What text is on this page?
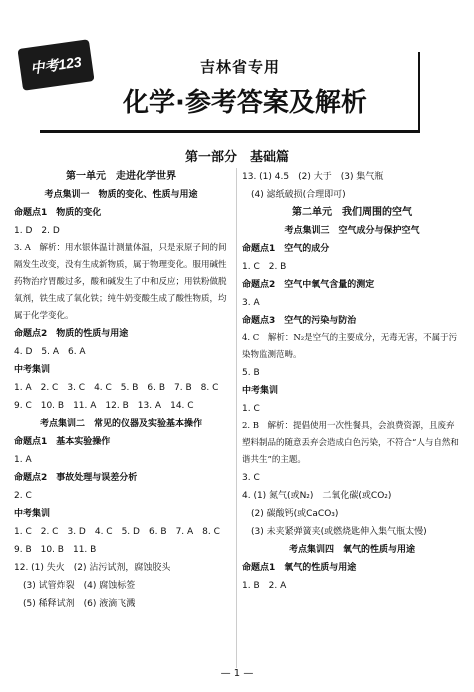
中考123	吉林省专用
化学·参考答案及解析
第一部分　基础篇
第一单元　走进化学世界
考点集训一　物质的变化、性质与用途
命题点1　物质的变化
1. D　2. D
3. A　解析：用水银体温计测量体温，只是汞原子间的间隔发生改变，没有生成新物质，属于物理变化。服用碱性药物治疗胃酸过多，酸和碱发生了中和反应；用铁粉做脱氧剂，铁生成了氧化铁；纯牛奶变酸生成了酸性物质，均属于化学变化。
命题点2　物质的性质与用途
4. D　5. A　6. A
中考集训
1. A　2. C　3. C　4. C　5. B　6. B　7. B　8. C
9. C　10. B　11. A　12. B　13. A　14. C
考点集训二　常见的仪器及实验基本操作
命题点1　基本实验操作
1. A
命题点2　事故处理与误差分析
2. C
中考集训
1. C　2. C　3. D　4. C　5. D　6. B　7. A　8. C
9. B　10. B　11. B
12. (1) 失火　(2) 沾污试剂，腐蚀胶头
　(3) 试管炸裂　(4) 腐蚀标签
　(5) 稀释试剂　(6) 液滴飞溅
13. (1) 4.5　(2) 大于　(3) 集气瓶
　(4) 滤纸破损(合理即可)
第二单元　我们周围的空气
考点集训三　空气成分与保护空气
命题点1　空气的成分
1. C　2. B
命题点2　空气中氧气含量的测定
3. A
命题点3　空气的污染与防治
4. C　解析：N₂是空气的主要成分，无毒无害，不属于污染物监测范畴。
5. B
中考集训
1. C
2. B　解析：提倡使用一次性餐具，会浪费资源，且废弃塑料制品的随意丢弃会造成白色污染，不符合“人与自然和谐共生”的主题。
3. C
4. (1) 氮气(或N₂)　二氧化碳(或CO₂)
　(2) 碳酸钙(或CaCO₃)
　(3) 未夹紧弹簧夹(或燃烧匙伸入集气瓶太慢)
考点集训四　氧气的性质与用途
命题点1　氧气的性质与用途
1. B　2. A
— 1 —
